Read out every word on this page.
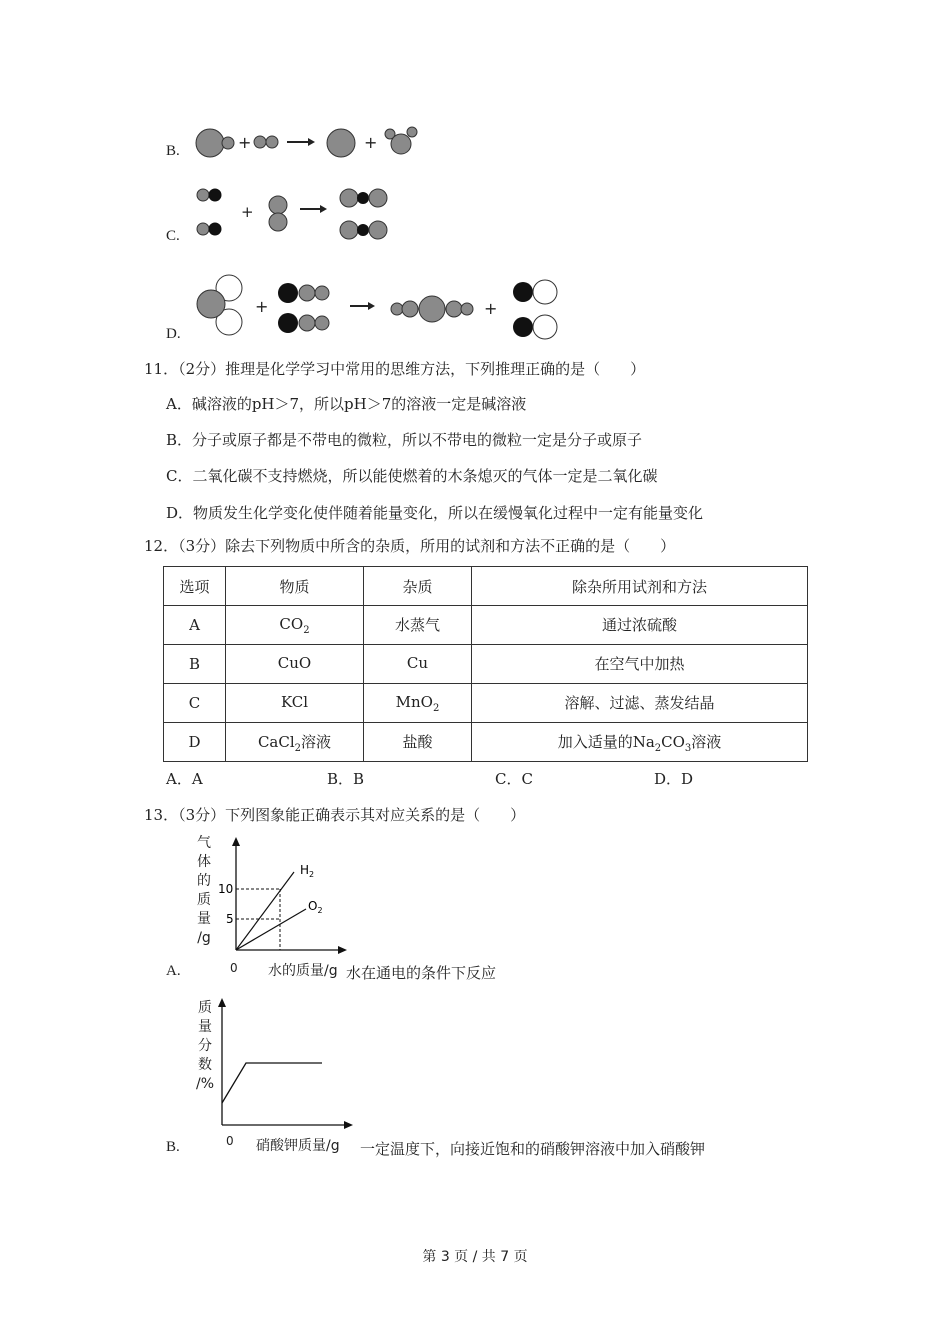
B.	+	+
C.
+
D.
+	+
11．（2分）推理是化学学习中常用的思维方法，下列推理正确的是（　　）
A．碱溶液的pH＞7，所以pH＞7的溶液一定是碱溶液
B．分子或原子都是不带电的微粒，所以不带电的微粒一定是分子或原子
C．二氧化碳不支持燃烧，所以能使燃着的木条熄灭的气体一定是二氧化碳
D．物质发生化学变化使伴随着能量变化，所以在缓慢氧化过程中一定有能量变化
12．（3分）除去下列物质中所含的杂质，所用的试剂和方法不正确的是（　　）
选项	物质	杂质	除杂所用试剂和方法
A	$CO_2$	水蒸气	通过浓硫酸
B	CuO	Cu	在空气中加热
C	KCl	MnO$_2$	溶解、过滤、蒸发结晶
D	CaCl$_2$溶液	盐酸	加入适量的$Na_2CO_3$溶液
A．A	B．B	C．C	D．D
13．（3分）下列图象能正确表示其对应关系的是（　　）
气
体
的
质
量
/g
10
5
$H_2$
$O_2$
A.	0 水的质量/g 水在通电的条件下反应
质
量
分
数
/%
B.	0 硝酸钾质量/g 一定温度下，向接近饱和的硝酸钾溶液中加入硝酸钾
第 3 页 / 共 7 页
